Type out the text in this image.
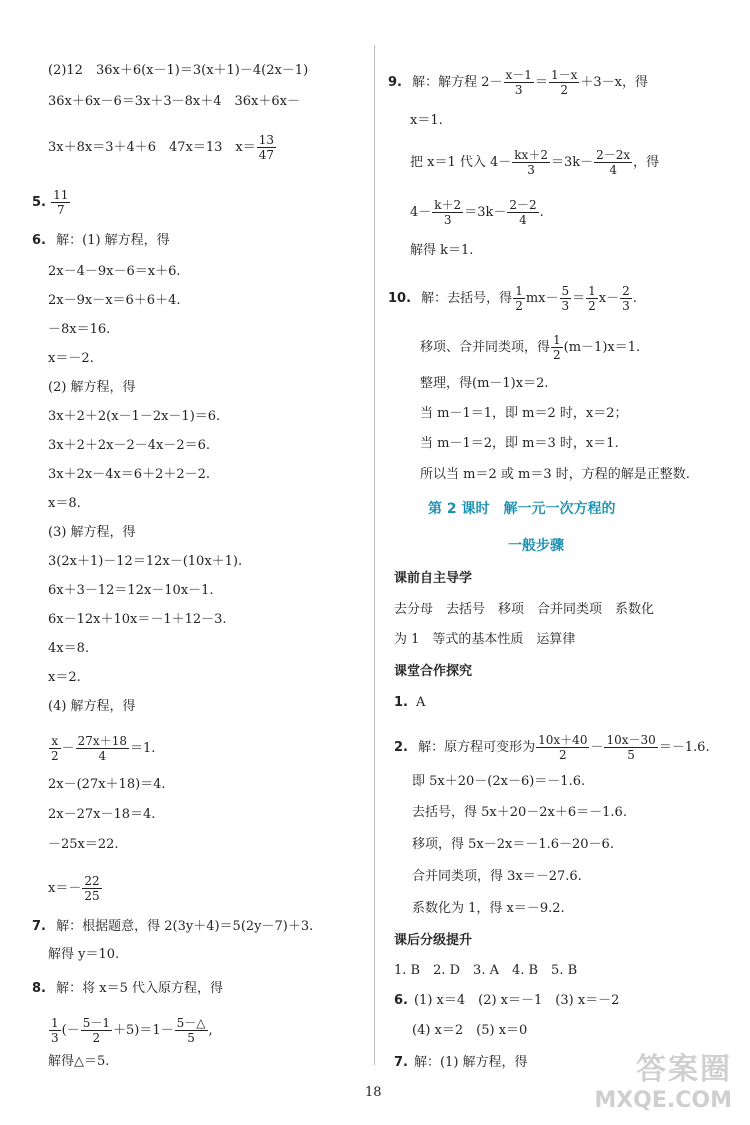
(2)12　36x＋6(x－1)＝3(x＋1)－4(2x－1)
36x＋6x－6＝3x＋3－8x＋4　36x＋6x－
3x＋8x＝3＋4＋6　47x＝13　$x= \frac{13}{47}$
5. $\frac{11}{7}$
6. 解：(1) 解方程，得
2x－4－9x－6＝x＋6.
2x－9x－x＝6＋6＋4.
－8x＝16.
x＝－2.
(2) 解方程，得
3x＋2＋2(x－1－2x－1)＝6.
3x＋2＋2x－2－4x－2＝6.
3x＋2x－4x＝6＋2＋2－2.
x＝8.
(3) 解方程，得
3(2x＋1)－12＝12x－(10x＋1).
6x＋3－12＝12x－10x－1.
6x－12x＋10x＝－1＋12－3.
4x＝8.
x＝2.
(4) 解方程，得
$\frac{x}{2} - \frac{27x+18}{4} =1$.
2x－(27x＋18)＝4.
2x－27x－18＝4.
－25x＝22.
$x=- \frac{22}{25}$
7. 解：根据题意，得 2(3y＋4)＝5(2y－7)＋3.
解得 y＝10.
8. 解：将 x＝5 代入原方程，得
$\frac{1}{3}$ (－ $\frac{5-1}{2} +5)=1- \frac{5-\triangle}{5}$ ,
解得△＝5.
9. 解：解方程 $2- \frac{x-1}{3} = \frac{1-x}{2} +3-x$，得
x＝1.
把 x＝1 代入 $4- \frac{kx+2}{3} =3k- \frac{2-2x}{4}$ ，得
$4- \frac{k+2}{3} =3k- \frac{2-2}{4}$ .
解得 k＝1.
10. 解：去括号，得 $\frac{1}{2} mx- \frac{5}{3} = \frac{1}{2} x- \frac{2}{3}$ .
移项、合并同类项，得 $\frac{1}{2} (m-1)x=1$.
整理，得(m－1)x＝2.
当 m－1＝1，即 m＝2 时，x＝2；
当 m－1＝2，即 m＝3 时，x＝1.
所以当 m＝2 或 m＝3 时，方程的解是正整数.
第 2 课时　解一元一次方程的
一般步骤
课前自主导学
去分母　去括号　移项　合并同类项　系数化
为 1　等式的基本性质　运算律
课堂合作探究
1. A
2. 解：原方程可变形为 $\frac{10x+40}{2} - \frac{10x-30}{5} =-1.6$.
即 5x＋20－(2x－6)＝－1.6.
去括号，得 5x＋20－2x＋6＝－1.6.
移项，得 5x－2x＝－1.6－20－6.
合并同类项，得 3x＝－27.6.
系数化为 1，得 x＝－9.2.
课后分级提升
1. B　2. D　3. A　4. B　5. B
6. (1) x＝4　(2) x＝－1　(3) x＝－2
(4) x＝2　(5) x＝0
7. 解：(1) 解方程，得
18
答案圈
MXQE.COM
